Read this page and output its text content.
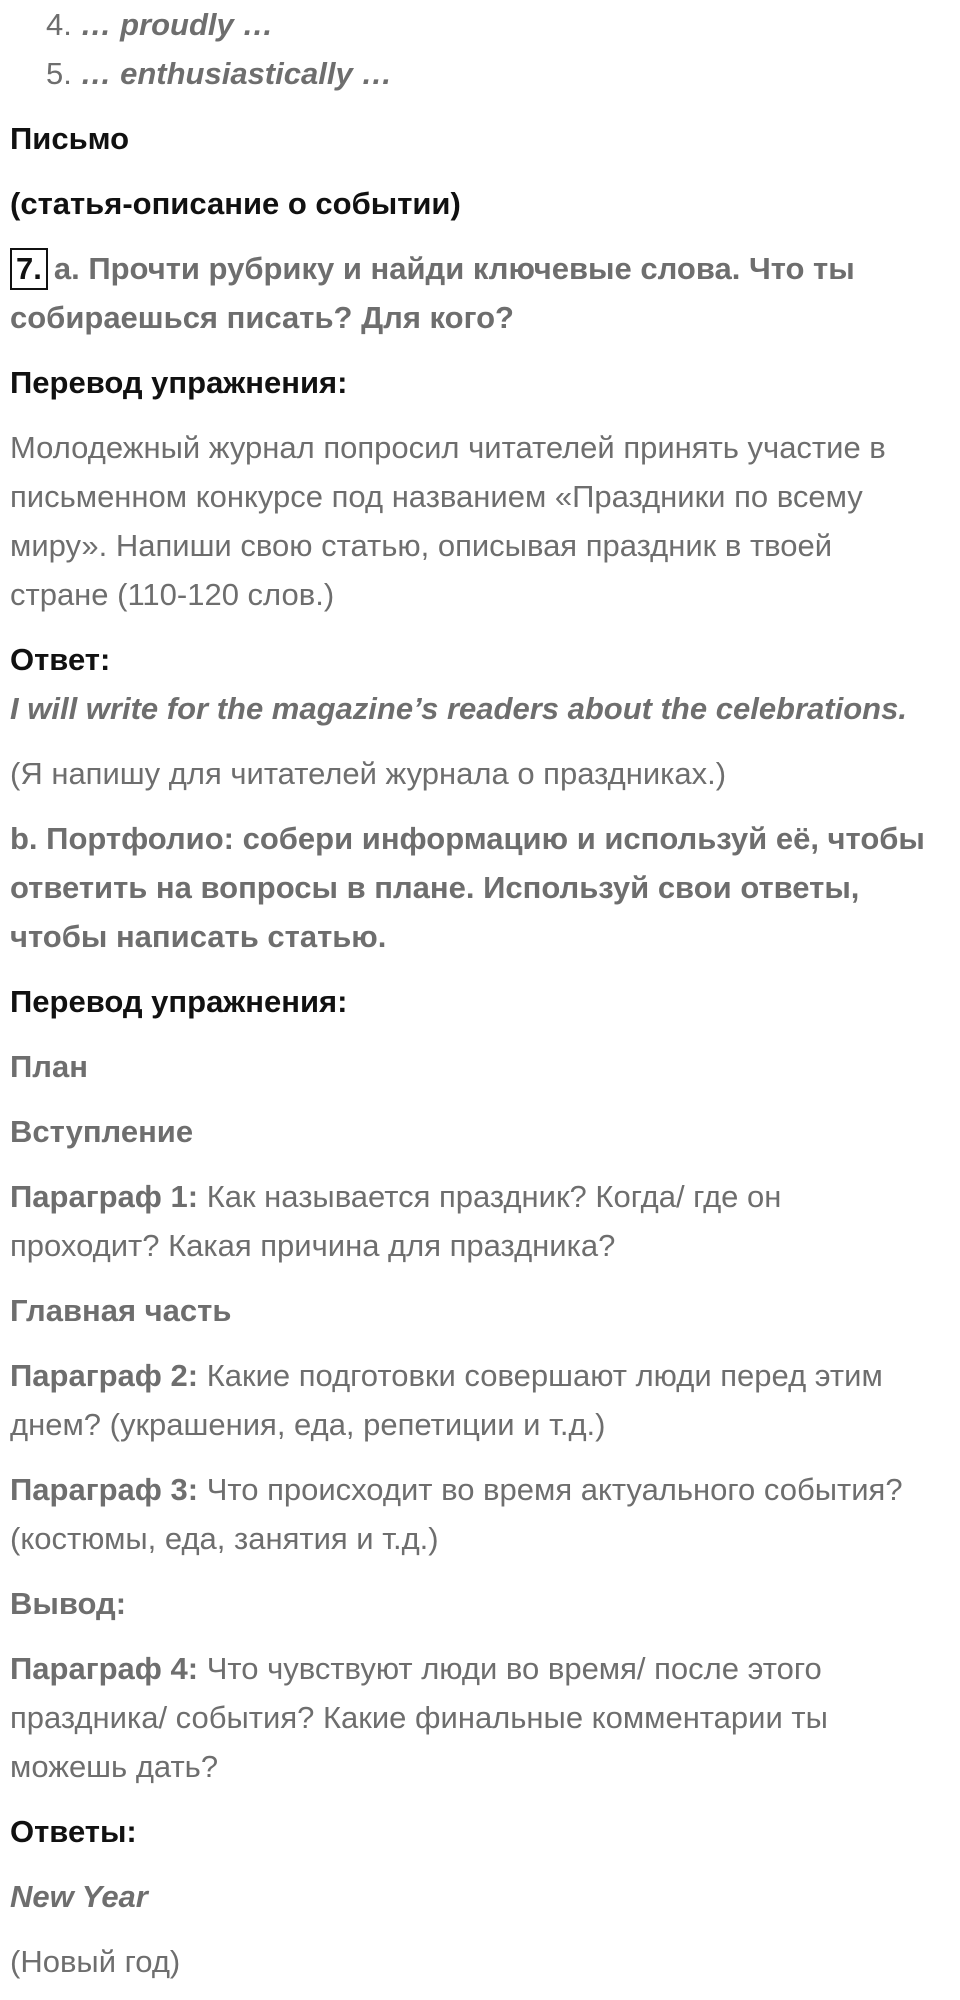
4. … proudly …
5. … enthusiastically …
Письмо
(статья-описание о событии)
7. a. Прочти рубрику и найди ключевые слова. Что ты
собираешься писать? Для кого?
Перевод упражнения:
Молодежный журнал попросил читателей принять участие в
письменном конкурсе под названием «Праздники по всему
миру». Напиши свою статью, описывая праздник в твоей
стране (110-120 слов.)
Ответ:
I will write for the magazine’s readers about the celebrations.
(Я напишу для читателей журнала о праздниках.)
b. Портфолио: собери информацию и используй её, чтобы
ответить на вопросы в плане. Используй свои ответы,
чтобы написать статью.
Перевод упражнения:
План
Вступление
Параграф 1: Как называется праздник? Когда/ где он
проходит? Какая причина для праздника?
Главная часть
Параграф 2: Какие подготовки совершают люди перед этим
днем? (украшения, еда, репетиции и т.д.)
Параграф 3: Что происходит во время актуального события?
(костюмы, еда, занятия и т.д.)
Вывод:
Параграф 4: Что чувствуют люди во время/ после этого
праздника/ события? Какие финальные комментарии ты
можешь дать?
Ответы:
New Year
(Новый год)
